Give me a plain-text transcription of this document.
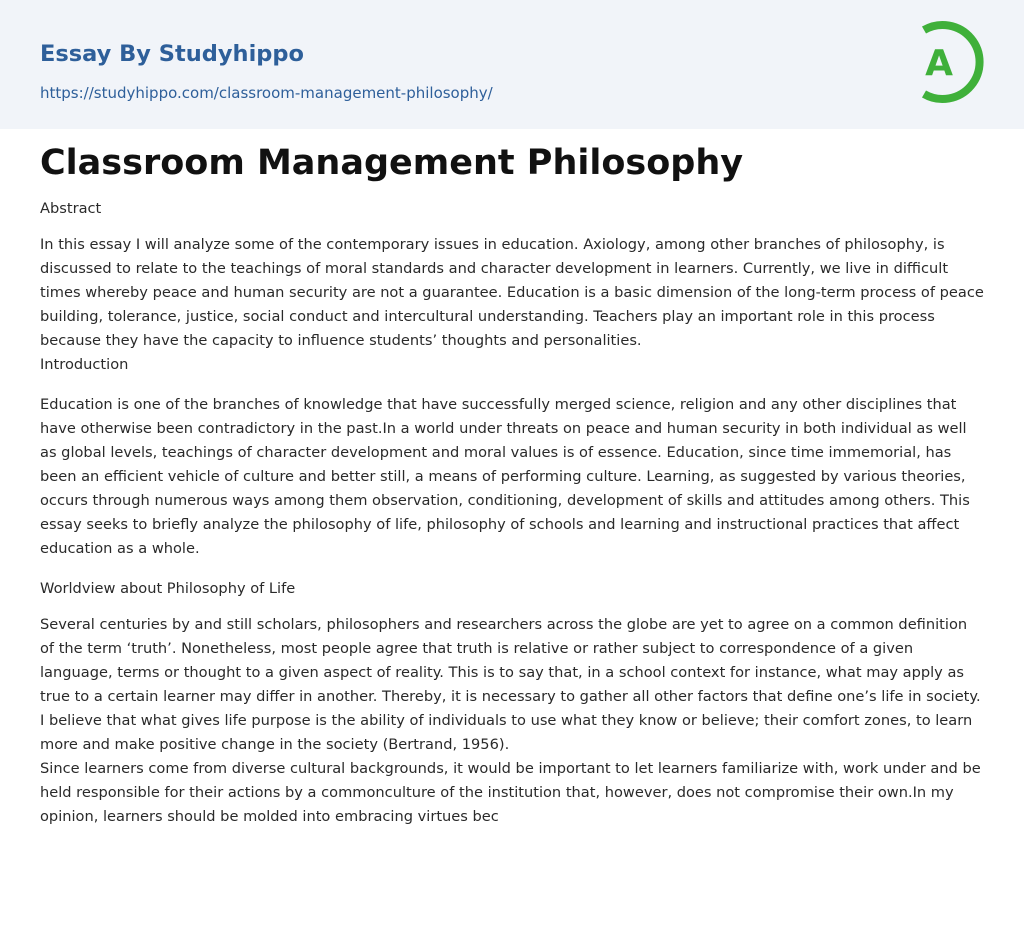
Essay By Studyhippo
https://studyhippo.com/classroom-management-philosophy/
A
Classroom Management Philosophy

Abstract

In this essay I will analyze some of the contemporary issues in education. Axiology, among other branches of philosophy, is discussed to relate to the teachings of moral standards and character development in learners. Currently, we live in difficult times whereby peace and human security are not a guarantee. Education is a basic dimension of the long-term process of peace building, tolerance, justice, social conduct and intercultural understanding. Teachers play an important role in this process because they have the capacity to influence students’ thoughts and personalities.

Introduction

Education is one of the branches of knowledge that have successfully merged science, religion and any other disciplines that have otherwise been contradictory in the past.In a world under threats on peace and human security in both individual as well as global levels, teachings of character development and moral values is of essence. Education, since time immemorial, has been an efficient vehicle of culture and better still, a means of performing culture. Learning, as suggested by various theories, occurs through numerous ways among them observation, conditioning, development of skills and attitudes among others. This essay seeks to briefly analyze the philosophy of life, philosophy of schools and learning and instructional practices that affect education as a whole.

Worldview about Philosophy of Life

Several centuries by and still scholars, philosophers and researchers across the globe are yet to agree on a common definition of the term ‘truth’. Nonetheless, most people agree that truth is relative or rather subject to correspondence of a given language, terms or thought to a given aspect of reality. This is to say that, in a school context for instance, what may apply as true to a certain learner may differ in another. Thereby, it is necessary to gather all other factors that define one’s life in society. I believe that what gives life purpose is the ability of individuals to use what they know or believe; their comfort zones, to learn more and make positive change in the society (Bertrand, 1956).

Since learners come from diverse cultural backgrounds, it would be important to let learners familiarize with, work under and be held responsible for their actions by a commonculture of the institution that, however, does not compromise their own.In my opinion, learners should be molded into embracing virtues bec
